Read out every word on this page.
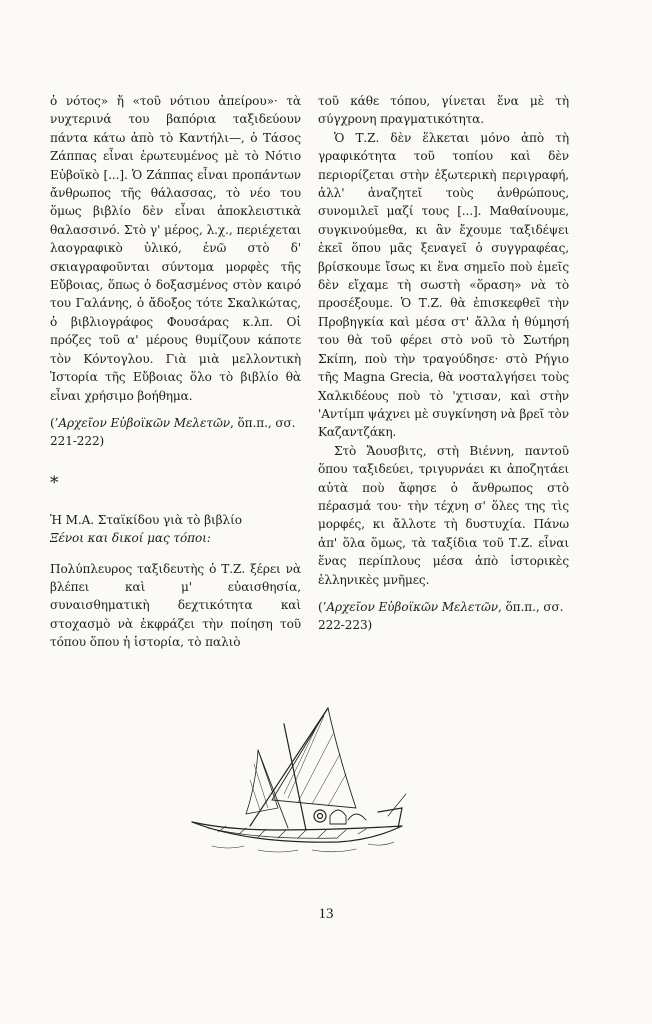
ὁ νότος» ἤ «τοῦ νότιου ἀπείρου»· τὰ νυχτερινά του βαπόρια ταξιδεύουν πάντα κάτω ἀπὸ τὸ Καντήλι—, ὁ Τάσος Ζάππας εἶναι ἐρωτευμένος μὲ τὸ Νότιο Εὐβοϊκὸ [...]. Ὁ Ζάππας εἶναι προπάντων ἄνθρωπος τῆς θάλασσας, τὸ νέο του ὅμως βιβλίο δὲν εἶναι ἀποκλειστικὰ θαλασσινό. Στὸ γ' μέρος, λ.χ., περιέχεται λαογραφικὸ ὑλικό, ἐνῶ στὸ δ' σκιαγραφοῦνται σύντομα μορφὲς τῆς Εὔβοιας, ὅπως ὁ δοξασμένος στὸν καιρό του Γαλάνης, ὁ ἄδοξος τότε Σκαλκώτας, ὁ βιβλιογράφος Φουσάρας κ.λπ. Οἱ πρόζες τοῦ α' μέρους θυμίζουν κάποτε τὸν Κόντογλου. Γιὰ μιὰ μελλοντικὴ Ἱστορία τῆς Εὔβοιας ὅλο τὸ βιβλίο θὰ εἶναι χρήσιμο βοήθημα.

(’Αρχεῖον Εὐβοϊκῶν Μελετῶν, ὅπ.π., σσ. 221-222)

*

Ἡ Μ.Α. Σταϊκίδου γιὰ τὸ βιβλίο
Ξένοι και δικοί μας τόποι:

Πολύπλευρος ταξιδευτὴς ὁ Τ.Ζ. ξέρει νὰ βλέπει καὶ μ' εὐαισθησία, συναισθηματικὴ δεχτικότητα καὶ στοχασμὸ νὰ ἐκφράζει τὴν ποίηση τοῦ τόπου ὅπου ἡ ἱστορία, τὸ παλιὸ

τοῦ κάθε τόπου, γίνεται ἕνα μὲ τὴ σύγχρονη πραγματικότητα.

Ὁ Τ.Ζ. δὲν ἕλκεται μόνο ἀπὸ τὴ γραφικότητα τοῦ τοπίου καὶ δὲν περιορίζεται στὴν ἐξωτερικὴ περιγραφή, ἀλλ' ἀναζητεῖ τοὺς ἀνθρώπους, συνομιλεῖ μαζί τους [...]. Μαθαίνουμε, συγκινούμεθα, κι ἂν ἔχουμε ταξιδέψει ἐκεῖ ὅπου μᾶς ξεναγεῖ ὁ συγγραφέας, βρίσκουμε ἴσως κι ἕνα σημεῖο ποὺ ἐμεῖς δὲν εἴχαμε τὴ σωστὴ «ὅραση» νὰ τὸ προσέξουμε. Ὁ Τ.Ζ. θὰ ἐπισκεφθεῖ τὴν Προβηγκία καὶ μέσα στ' ἄλλα ἡ θύμησή του θὰ τοῦ φέρει στὸ νοῦ τὸ Σωτήρη Σκίπη, ποὺ τὴν τραγούδησε· στὸ Ρήγιο τῆς Magna Grecia, θὰ νοσταλγήσει τοὺς Χαλκιδέους ποὺ τὸ 'χτισαν, καὶ στὴν 'Αντίμπ ψάχνει μὲ συγκίνηση νὰ βρεῖ τὸν Καζαντζάκη.

Στὸ Ἄουσβιτς, στὴ Βιέννη, παντοῦ ὅπου ταξιδεύει, τριγυρνάει κι ἀποζητάει αὐτὰ ποὺ ἄφησε ὁ ἄνθρωπος στὸ πέρασμά του· τὴν τέχνη σ' ὅλες της τὶς μορφές, κι ἄλλοτε τὴ δυστυχία. Πάνω ἀπ' ὅλα ὅμως, τὰ ταξίδια τοῦ Τ.Ζ. εἶναι ἕνας περίπλους μέσα ἀπὸ ἱστορικὲς ἑλληνικὲς μνῆμες.

(’Αρχεῖον Εὐβοϊκῶν Μελετῶν, ὅπ.π., σσ. 222-223)

13
